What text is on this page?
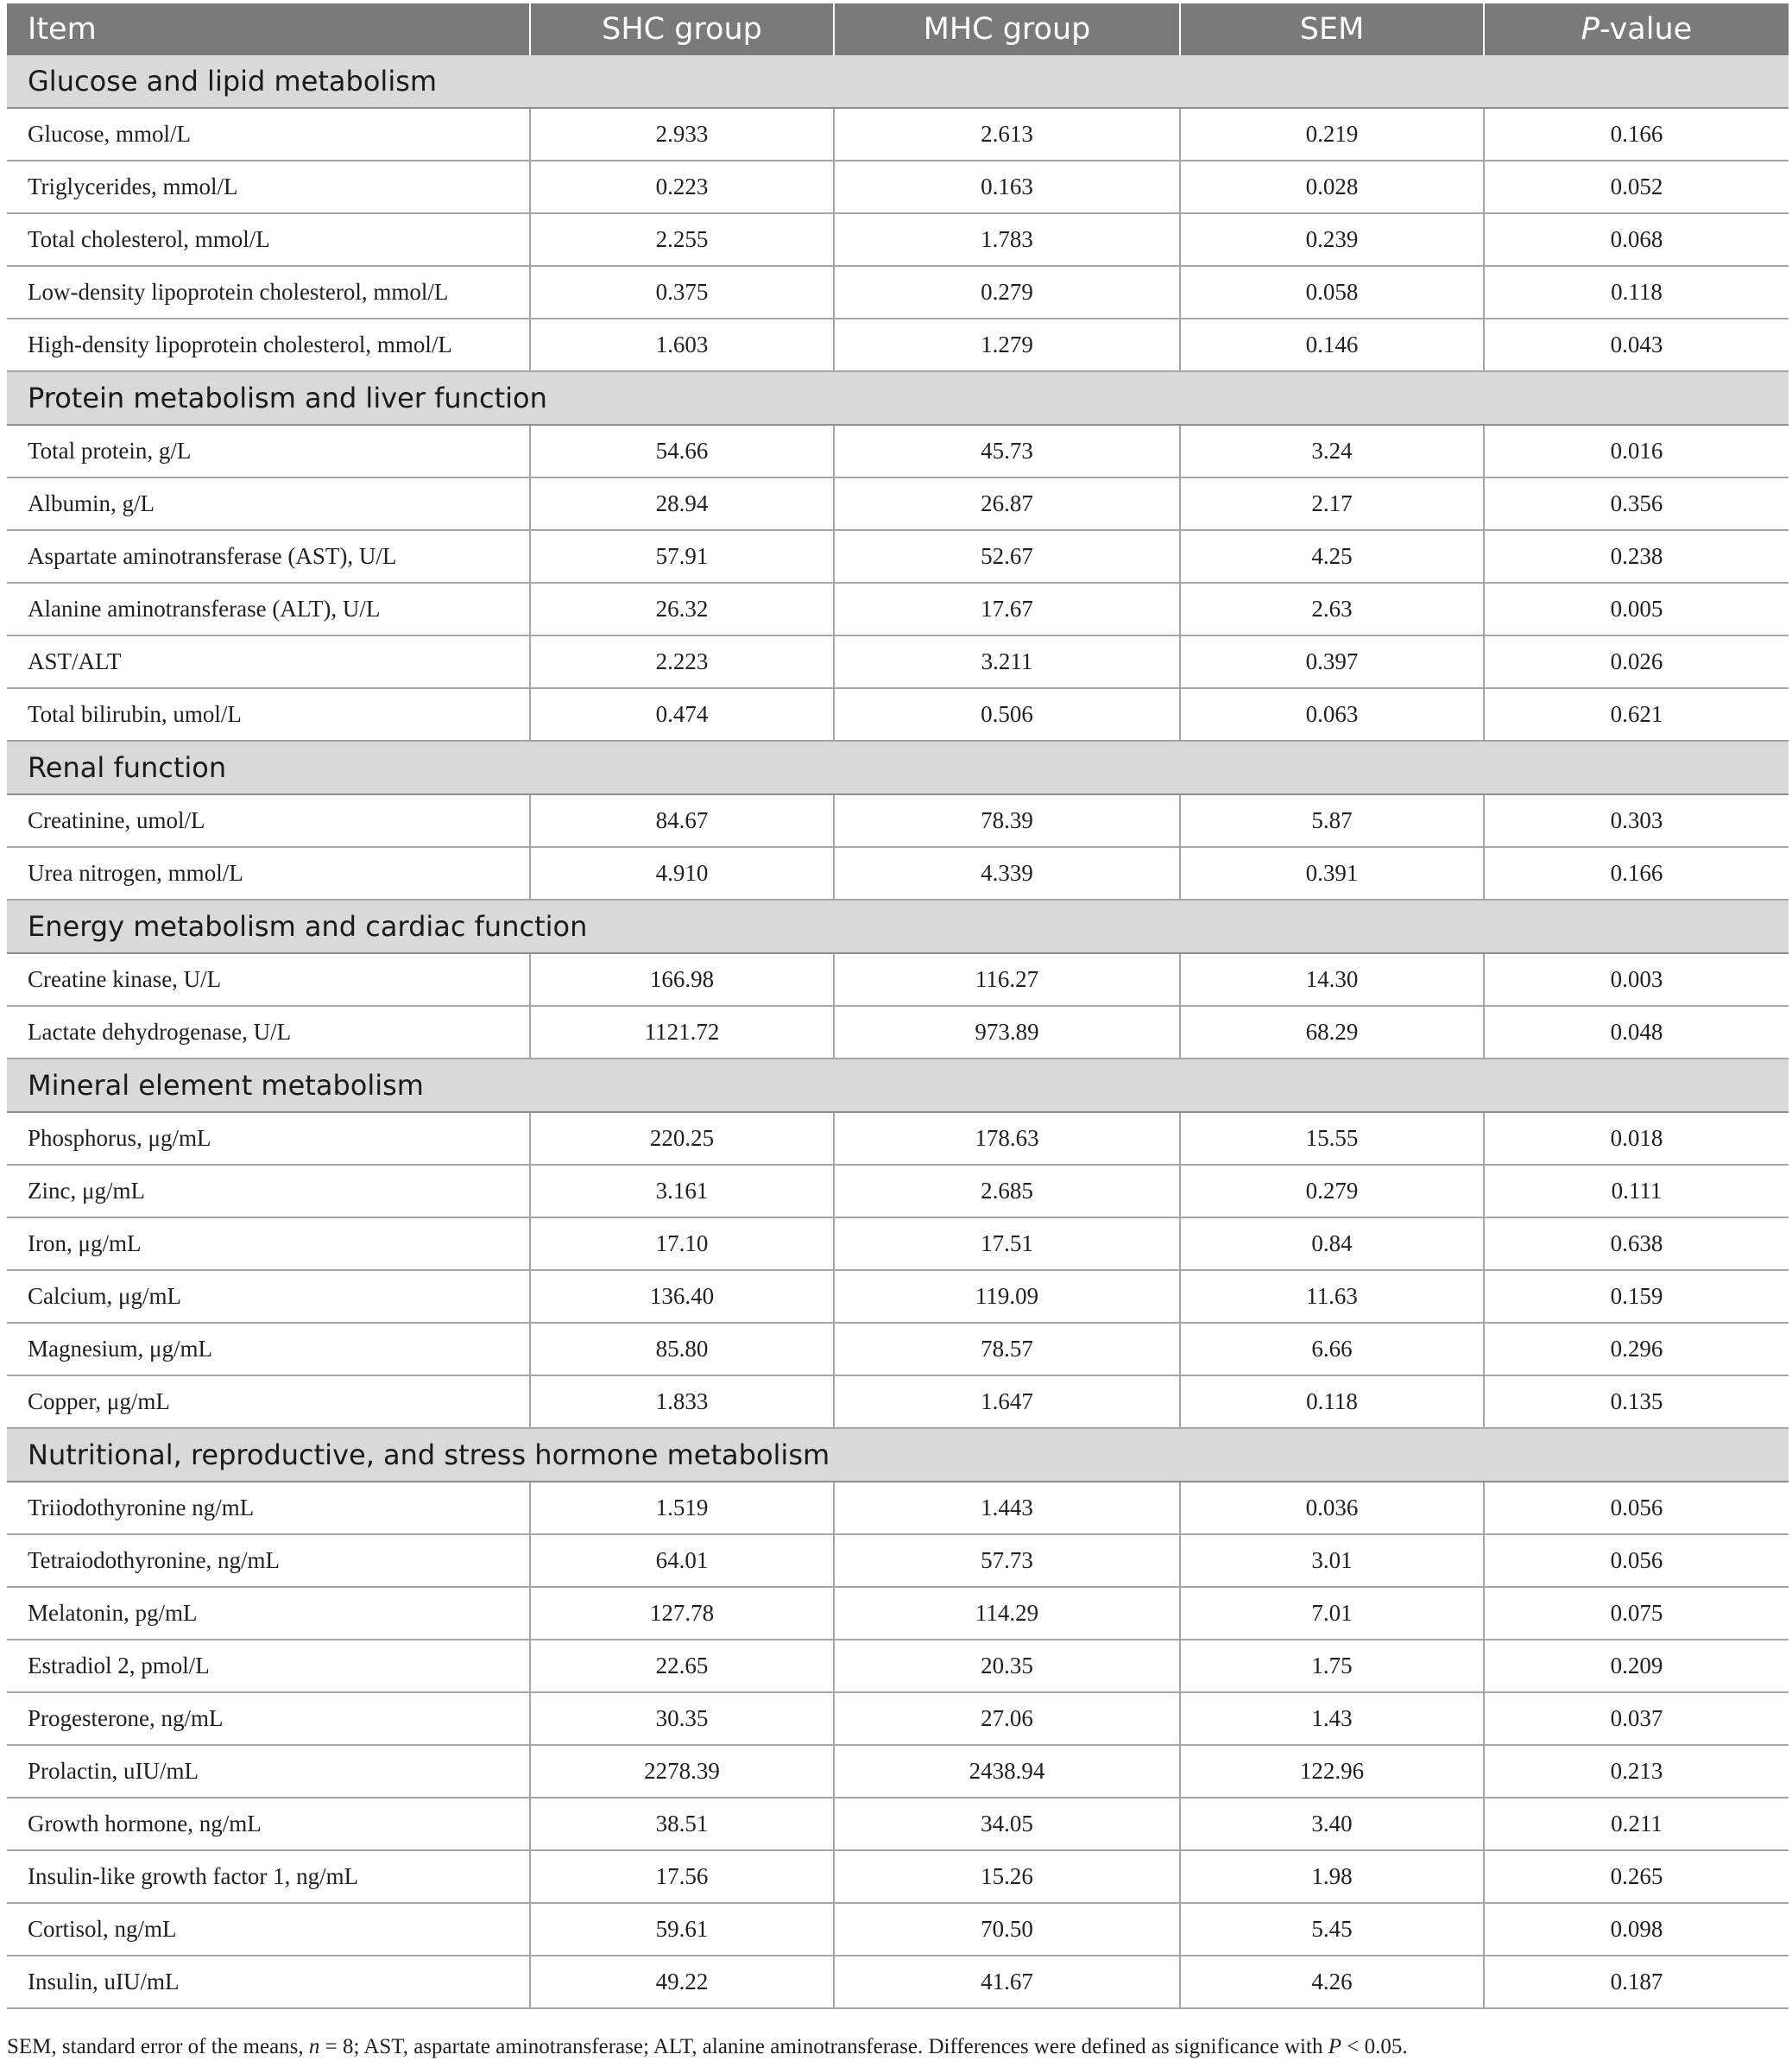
Item	SHC group	MHC group	SEM	P-value
Glucose and lipid metabolism				
Glucose, mmol/L	2.933	2.613	0.219	0.166
Triglycerides, mmol/L	0.223	0.163	0.028	0.052
Total cholesterol, mmol/L	2.255	1.783	0.239	0.068
Low-density lipoprotein cholesterol, mmol/L	0.375	0.279	0.058	0.118
High-density lipoprotein cholesterol, mmol/L	1.603	1.279	0.146	0.043
Protein metabolism and liver function				
Total protein, g/L	54.66	45.73	3.24	0.016
Albumin, g/L	28.94	26.87	2.17	0.356
Aspartate aminotransferase (AST), U/L	57.91	52.67	4.25	0.238
Alanine aminotransferase (ALT), U/L	26.32	17.67	2.63	0.005
AST/ALT	2.223	3.211	0.397	0.026
Total bilirubin, umol/L	0.474	0.506	0.063	0.621
Renal function				
Creatinine, umol/L	84.67	78.39	5.87	0.303
Urea nitrogen, mmol/L	4.910	4.339	0.391	0.166
Energy metabolism and cardiac function				
Creatine kinase, U/L	166.98	116.27	14.30	0.003
Lactate dehydrogenase, U/L	1121.72	973.89	68.29	0.048
Mineral element metabolism				
Phosphorus, μg/mL	220.25	178.63	15.55	0.018
Zinc, μg/mL	3.161	2.685	0.279	0.111
Iron, μg/mL	17.10	17.51	0.84	0.638
Calcium, μg/mL	136.40	119.09	11.63	0.159
Magnesium, μg/mL	85.80	78.57	6.66	0.296
Copper, μg/mL	1.833	1.647	0.118	0.135
Nutritional, reproductive, and stress hormone metabolism				
Triiodothyronine ng/mL	1.519	1.443	0.036	0.056
Tetraiodothyronine, ng/mL	64.01	57.73	3.01	0.056
Melatonin, pg/mL	127.78	114.29	7.01	0.075
Estradiol 2, pmol/L	22.65	20.35	1.75	0.209
Progesterone, ng/mL	30.35	27.06	1.43	0.037
Prolactin, uIU/mL	2278.39	2438.94	122.96	0.213
Growth hormone, ng/mL	38.51	34.05	3.40	0.211
Insulin-like growth factor 1, ng/mL	17.56	15.26	1.98	0.265
Cortisol, ng/mL	59.61	70.50	5.45	0.098
Insulin, uIU/mL	49.22	41.67	4.26	0.187
SEM, standard error of the means, n = 8; AST, aspartate aminotransferase; ALT, alanine aminotransferase. Differences were defined as significance with P < 0.05.
